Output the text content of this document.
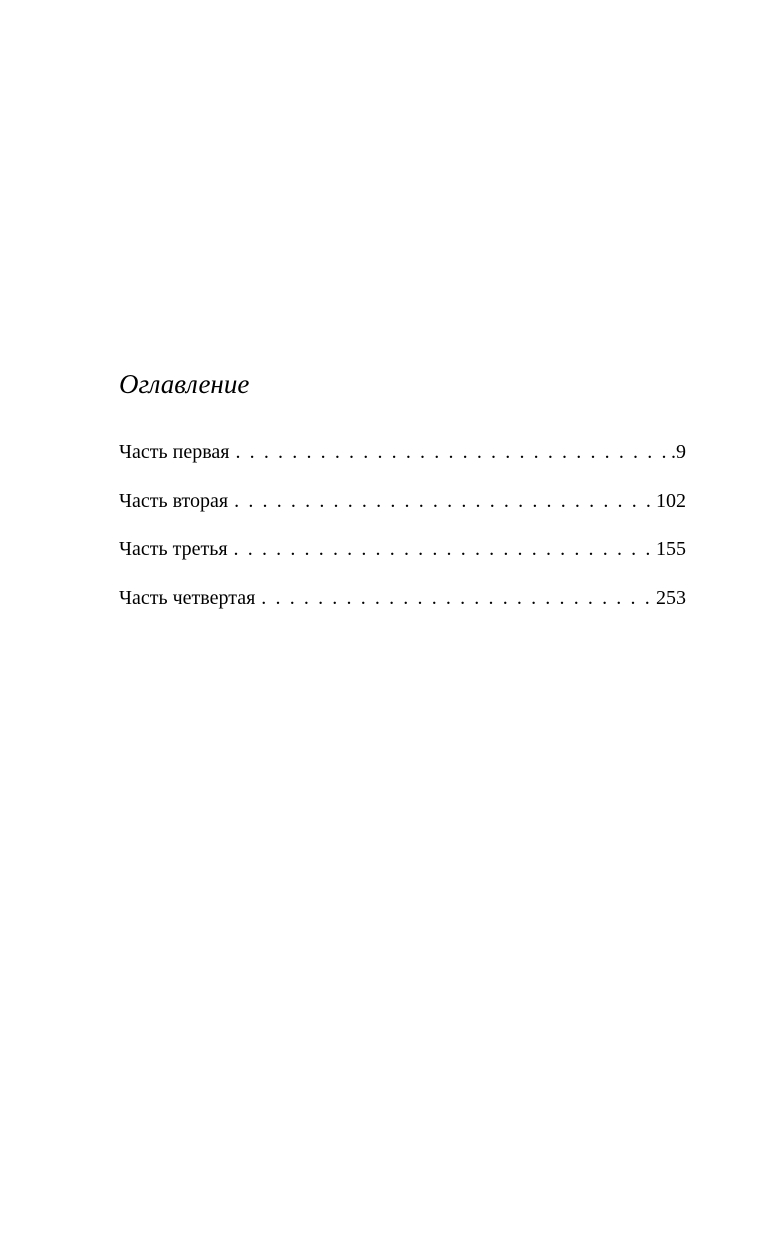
Оглавление
Часть первая . . .	.9
Часть вторая . . .	102
Часть третья . . .	155
Часть четвертая . . .	253
